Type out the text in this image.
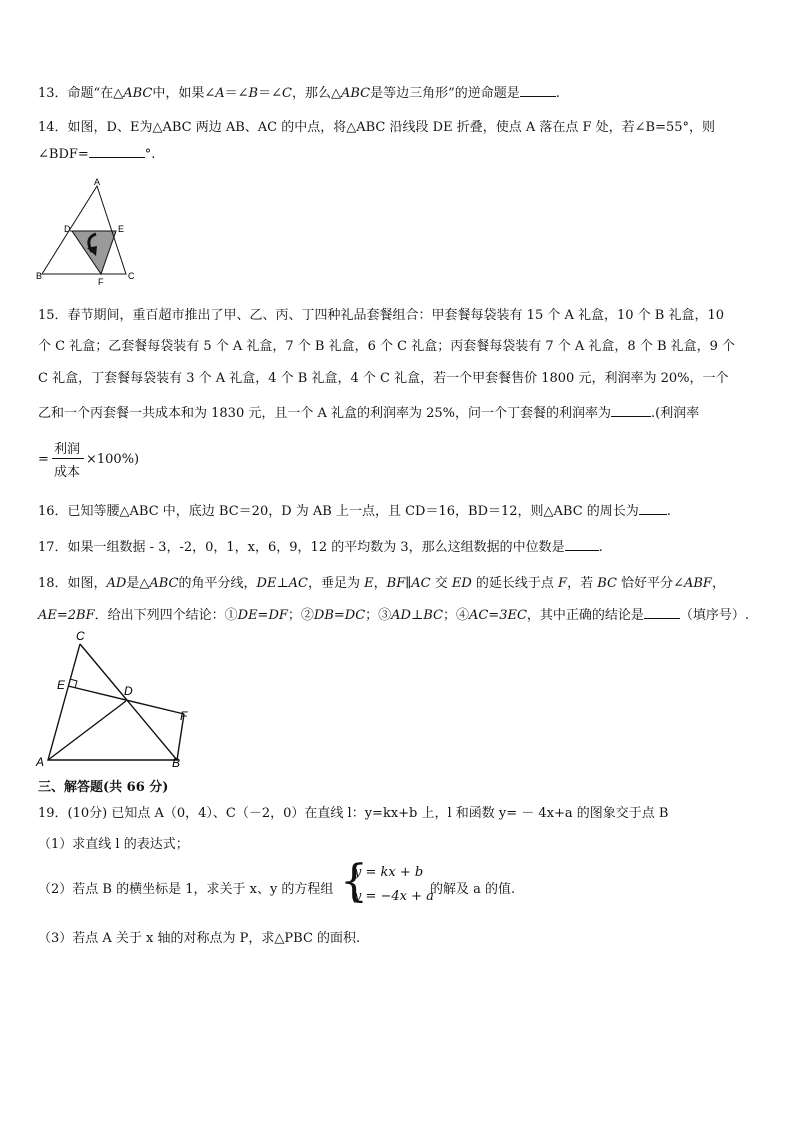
13．命题“在△ABC中，如果∠A＝∠B＝∠C，那么△ABC是等边三角形”的逆命题是	.
14．如图，D、E为△ABC 两边 AB、AC 的中点，将△ABC 沿线段 DE 折叠，使点 A 落在点 F 处，若∠B=55°，则
∠BDF=	°.
A
D	E
B	C
F
15．春节期间，重百超市推出了甲、乙、丙、丁四种礼品套餐组合：甲套餐每袋装有 15 个 A 礼盒，10 个 B 礼盒，10
个 C 礼盒；乙套餐每袋装有 5 个 A 礼盒，7 个 B 礼盒，6 个 C 礼盒；丙套餐每袋装有 7 个 A 礼盒，8 个 B 礼盒，9 个
C 礼盒，丁套餐每袋装有 3 个 A 礼盒，4 个 B 礼盒，4 个 C 礼盒，若一个甲套餐售价 1800 元，利润率为 20%，一个
乙和一个丙套餐一共成本和为 1830 元，且一个 A 礼盒的利润率为 25%，问一个丁套餐的利润率为	.(利润率
=
利润
成本
×100%)
16．已知等腰△ABC 中，底边 BC＝20，D 为 AB 上一点，且 CD＝16，BD＝12，则△ABC 的周长为 .
17．如果一组数据 - 3，-2，0，1，x，6，9，12 的平均数为 3，那么这组数据的中位数是	.
18．如图，AD是△ABC的角平分线，DE⊥AC，垂足为 E，BF∥AC 交 ED 的延长线于点 F，若 BC 恰好平分∠ABF，
AE=2BF．给出下列四个结论：①DE=DF；②DB=DC；③AD⊥BC；④AC=3EC，其中正确的结论是	（填序号）.
C
E	D
F
A	B
三、解答题(共 66 分)
19．(10分) 已知点 A（0，4）、C（－2，0）在直线 l：y=kx+b 上，l 和函数 y= － 4x+a 的图象交于点 B
（1）求直线 l 的表达式；
（2）若点 B 的横坐标是 1，求关于 x、y 的方程组 {
y = kx + b
y = −4x + a
的解及 a 的值.
（3）若点 A 关于 x 轴的对称点为 P，求△PBC 的面积.
